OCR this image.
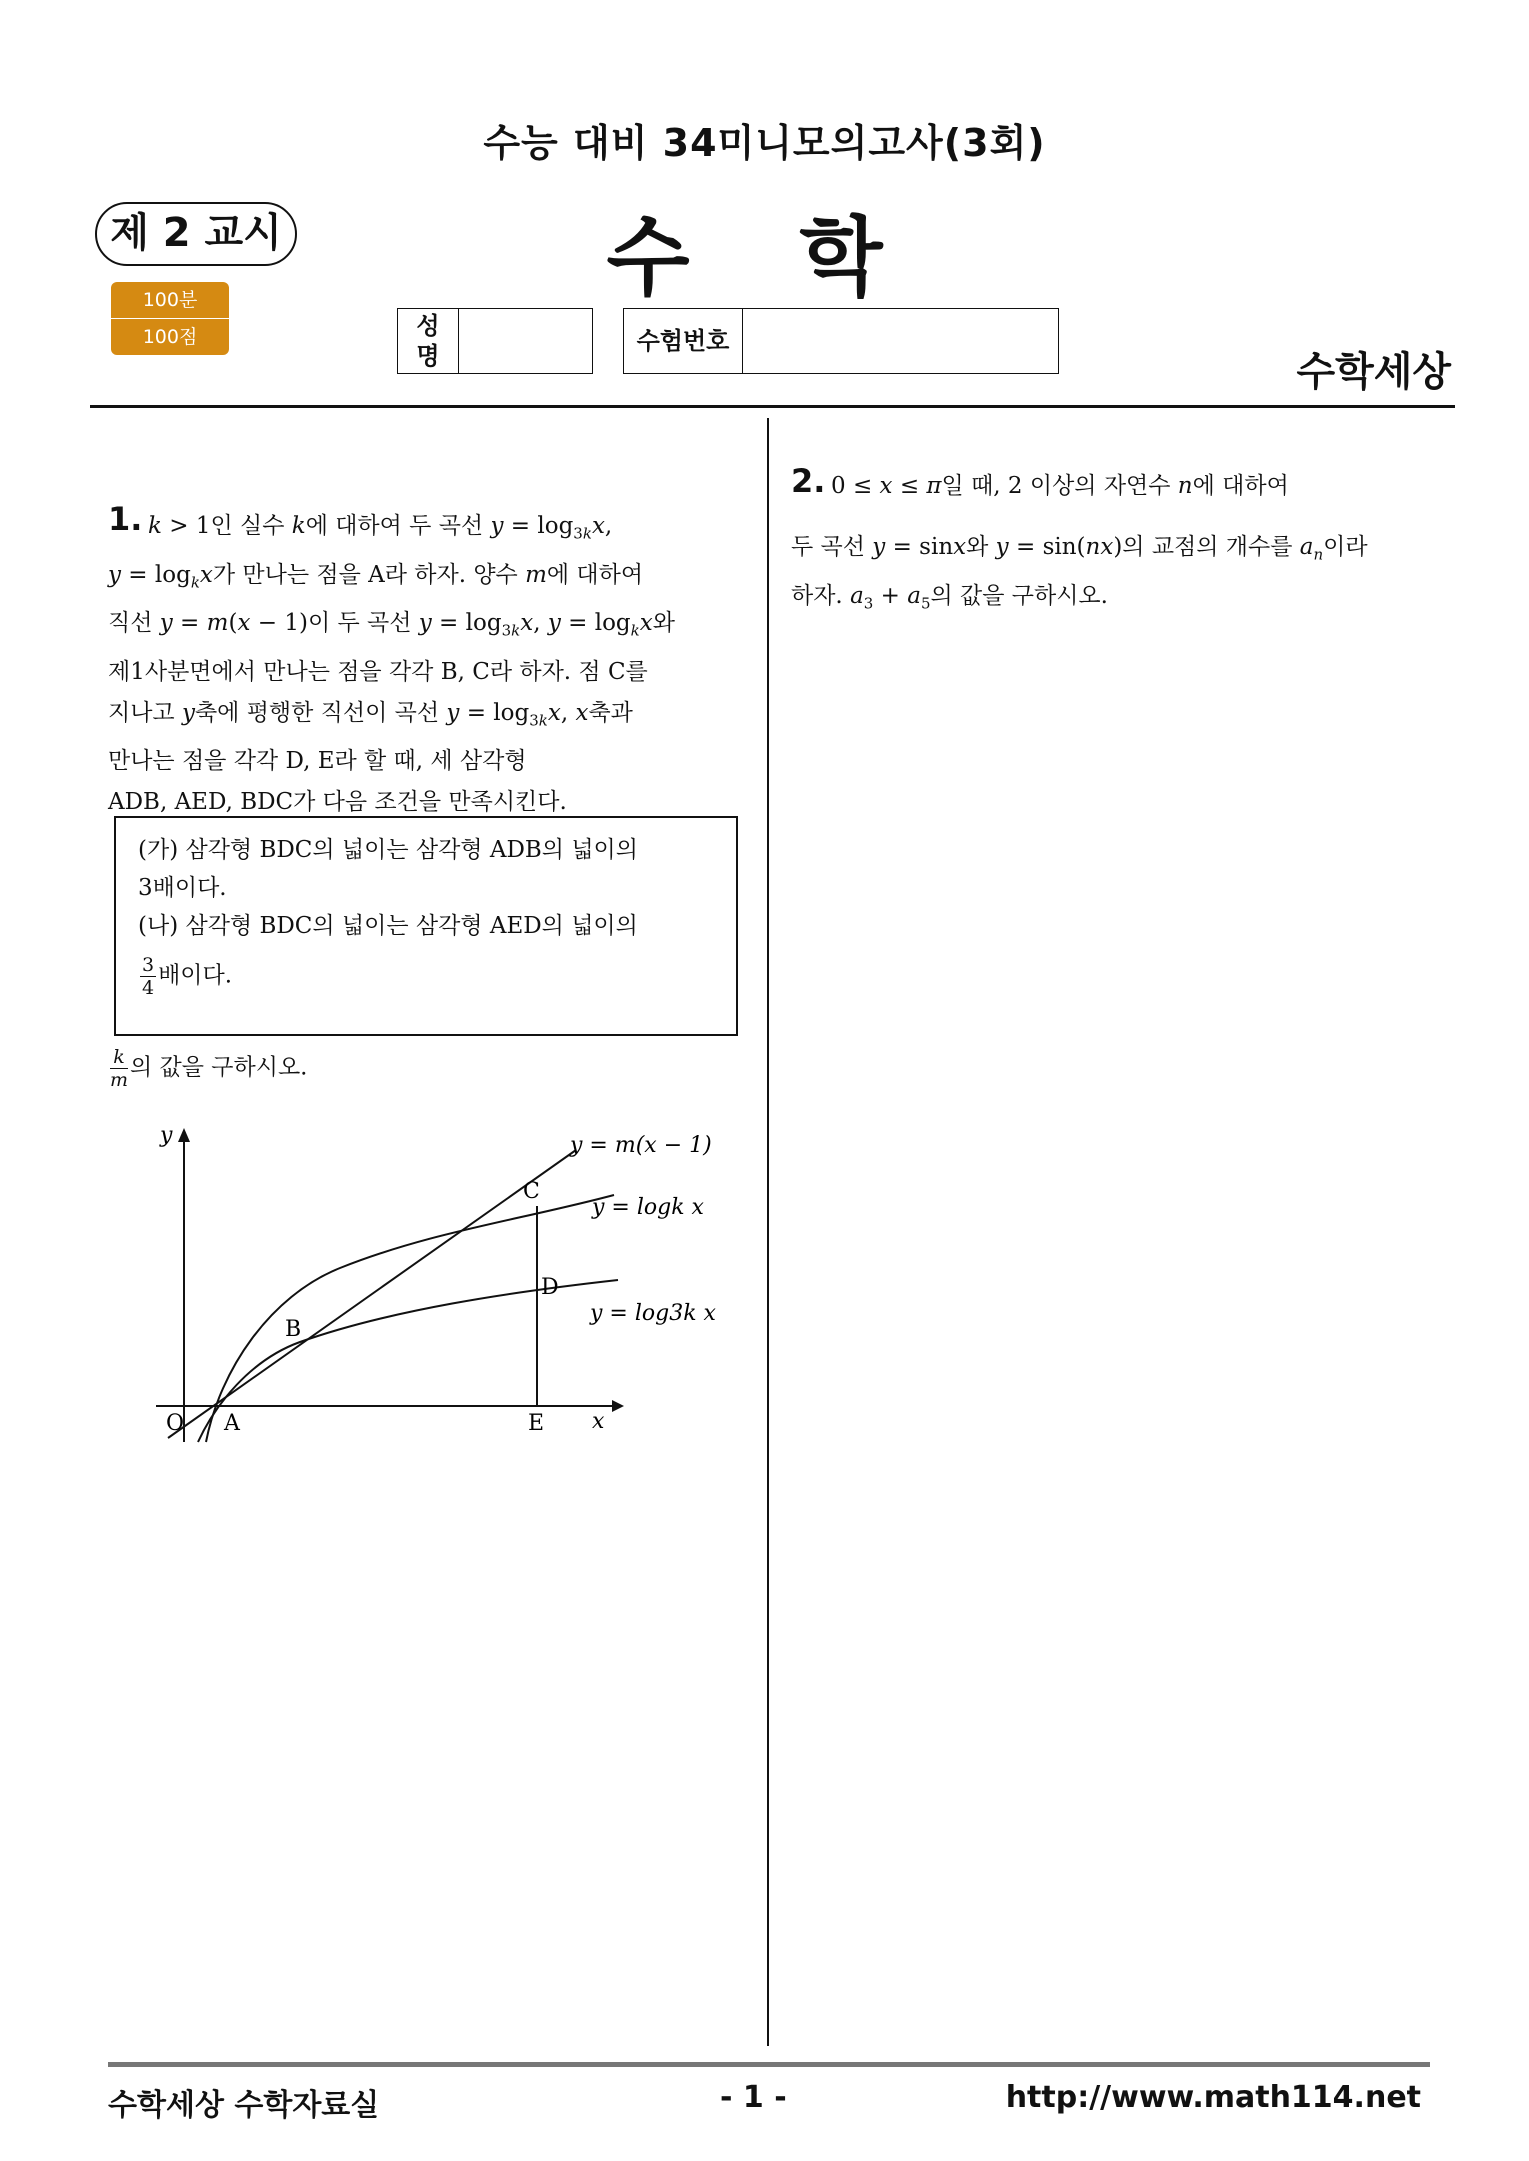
수능 대비 34미니모의고사(3회)
수 학
제 2 교시
100분
100점	성
명
수험번호
수학세상
1. k > 1인 실수 k에 대하여 두 곡선 $y = \log_{3k}x$,
$y = \log_kx$가 만나는 점을 A라 하자. 양수 m에 대하여
직선 y = m(x − 1)이 두 곡선 $y = \log_{3k}x$, $y = \log_kx$와
제1사분면에서 만나는 점을 각각 B, C라 하자. 점 C를
지나고 y축에 평행한 직선이 곡선 $y = \log_{3k}x$, x축과
만나는 점을 각각 D, E라 할 때, 세 삼각형
ADB, AED, BDC가 다음 조건을 만족시킨다.
(가) 삼각형 BDC의 넓이는 삼각형 ADB의 넓이의
3배이다.
(나) 삼각형 BDC의 넓이는 삼각형 AED의 넓이의
$\frac{3}{4}$ 배이다.
$\frac{k}{m}$ 의 값을 구하시오.
y
x
O A
B
C
D
E
y = m(x − 1)
y = logk x
y = log3k x
2. 0 ≤ x ≤ π일 때, 2 이상의 자연수 n에 대하여
두 곡선 y = sinx와 y = sin(nx)의 교점의 개수를 $a_n$이라
하자. $a_3 + a_5$의 값을 구하시오.
수학세상 수학자료실	- 1 -	http://www.math114.net
